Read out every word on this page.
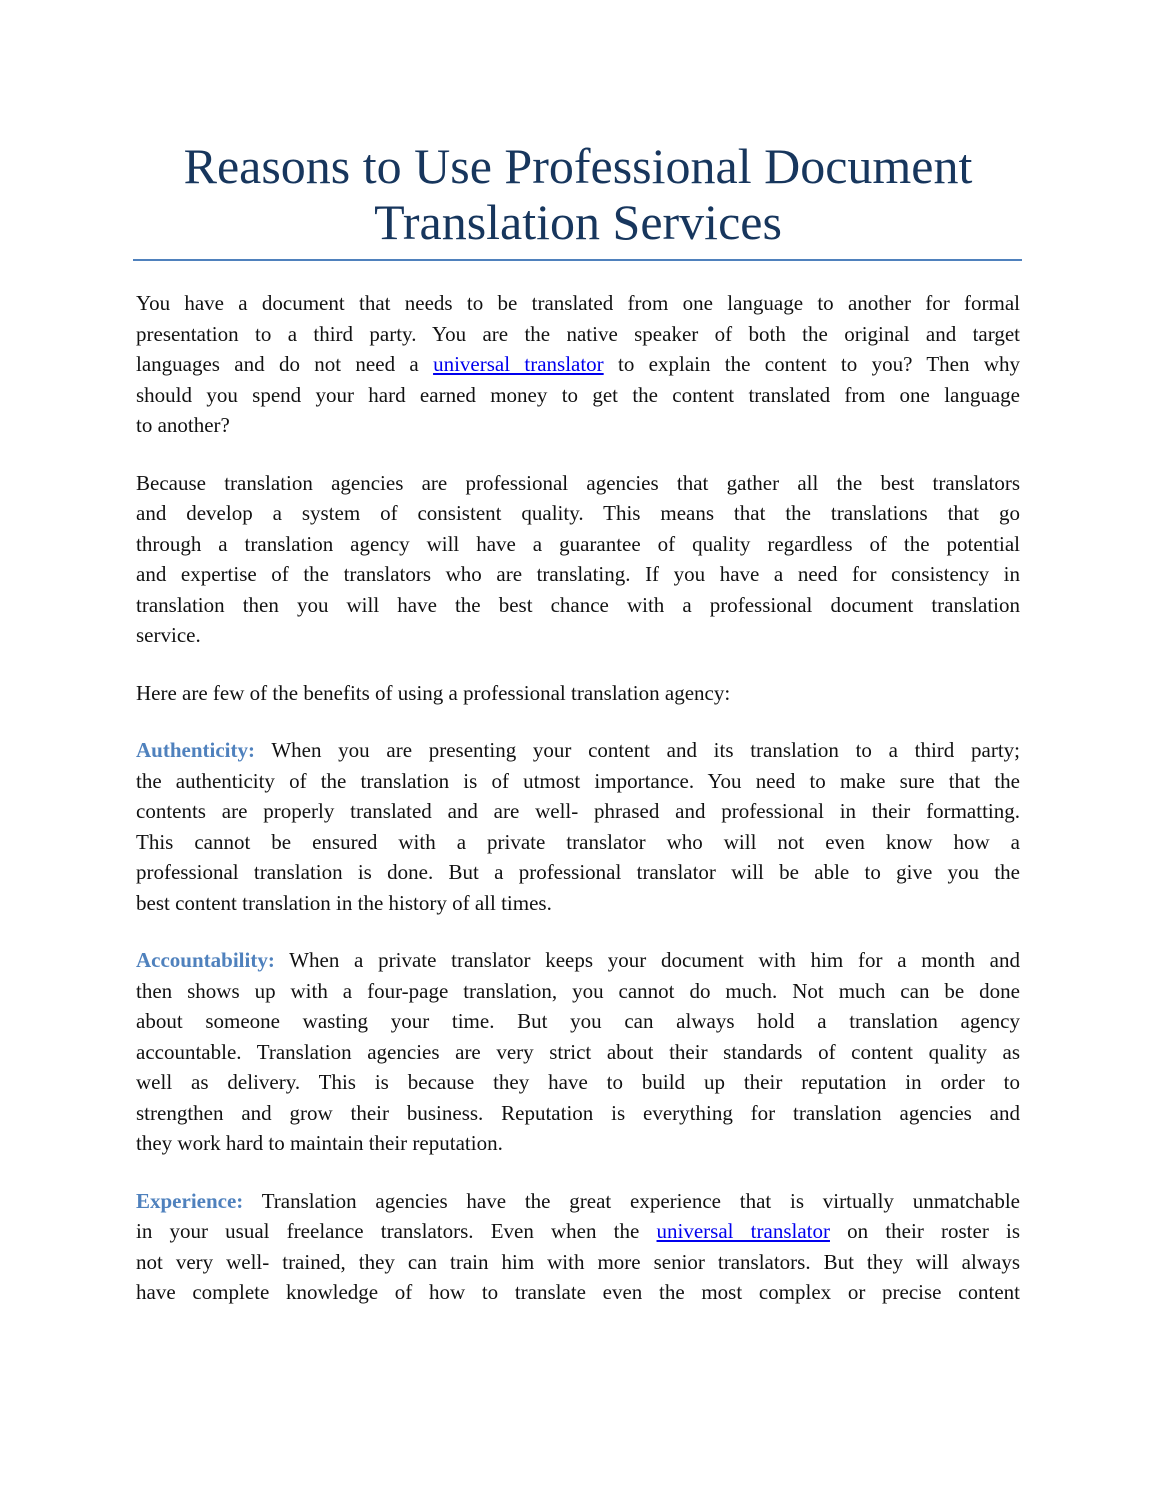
Reasons to Use Professional Document
Translation Services
You have a document that needs to be translated from one language to another for formal
presentation to a third party. You are the native speaker of both the original and target
languages and do not need a universal translator to explain the content to you? Then why
should you spend your hard earned money to get the content translated from one language
to another?
Because translation agencies are professional agencies that gather all the best translators
and develop a system of consistent quality. This means that the translations that go
through a translation agency will have a guarantee of quality regardless of the potential
and expertise of the translators who are translating. If you have a need for consistency in
translation then you will have the best chance with a professional document translation
service.
Here are few of the benefits of using a professional translation agency:
Authenticity: When you are presenting your content and its translation to a third party;
the authenticity of the translation is of utmost importance. You need to make sure that the
contents are properly translated and are well- phrased and professional in their formatting.
This cannot be ensured with a private translator who will not even know how a
professional translation is done. But a professional translator will be able to give you the
best content translation in the history of all times.
Accountability: When a private translator keeps your document with him for a month and
then shows up with a four-page translation, you cannot do much. Not much can be done
about someone wasting your time. But you can always hold a translation agency
accountable. Translation agencies are very strict about their standards of content quality as
well as delivery. This is because they have to build up their reputation in order to
strengthen and grow their business. Reputation is everything for translation agencies and
they work hard to maintain their reputation.
Experience: Translation agencies have the great experience that is virtually unmatchable
in your usual freelance translators. Even when the universal translator on their roster is
not very well- trained, they can train him with more senior translators. But they will always
have complete knowledge of how to translate even the most complex or precise content
